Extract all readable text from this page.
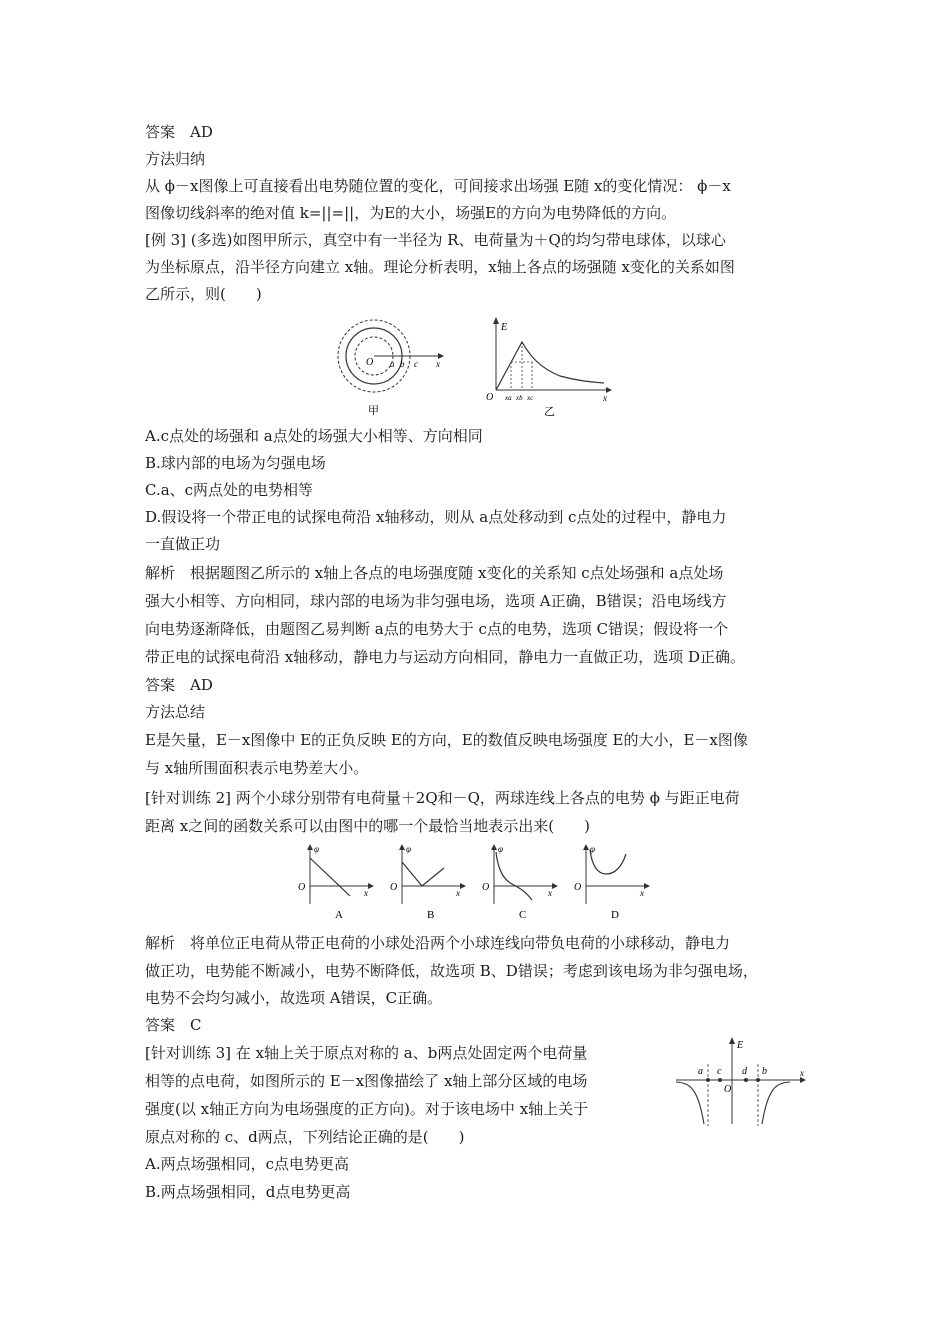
答案　AD
方法归纳
从 ϕ－x图像上可直接看出电势随位置的变化，可间接求出场强 E随 x的变化情况： ϕ－x
图像切线斜率的绝对值 k=||=||，为E的大小，场强E的方向为电势降低的方向。
[例 3] (多选)如图甲所示，真空中有一半径为 R、电荷量为＋Q的均匀带电球体，以球心
为坐标原点，沿半径方向建立 x轴。理论分析表明，x轴上各点的场强随 x变化的关系如图
乙所示，则(　　)
O a b c x
甲
E
O xa xb xc	x
乙
A.c点处的场强和 a点处的场强大小相等、方向相同
B.球内部的电场为匀强电场
C.a、c两点处的电势相等
D.假设将一个带正电的试探电荷沿 x轴移动，则从 a点处移动到 c点处的过程中，静电力
一直做正功
解析　根据题图乙所示的 x轴上各点的电场强度随 x变化的关系知 c点处场强和 a点处场
强大小相等、方向相同，球内部的电场为非匀强电场，选项 A正确，B错误；沿电场线方
向电势逐渐降低，由题图乙易判断 a点的电势大于 c点的电势，选项 C错误；假设将一个
带正电的试探电荷沿 x轴移动，静电力与运动方向相同，静电力一直做正功，选项 D正确。
答案　AD
方法总结
E是矢量，E－x图像中 E的正负反映 E的方向，E的数值反映电场强度 E的大小，E－x图像
与 x轴所围面积表示电势差大小。
[针对训练 2] 两个小球分别带有电荷量＋2Q和－Q，两球连线上各点的电势 ϕ 与距正电荷
距离 x之间的函数关系可以由图中的哪一个最恰当地表示出来(　　)
φ
O	x
A
φ
O	x
B
φ
O	x
C
φ
O	x
D
解析　将单位正电荷从带正电荷的小球处沿两个小球连线向带负电荷的小球移动，静电力
做正功，电势能不断减小，电势不断降低，故选项 B、D错误；考虑到该电场为非匀强电场，
电势不会均匀减小，故选项 A错误，C正确。
答案　C
[针对训练 3] 在 x轴上关于原点对称的 a、b两点处固定两个电荷量
相等的点电荷，如图所示的 E－x图像描绘了 x轴上部分区域的电场
强度(以 x轴正方向为电场强度的正方向)。对于该电场中 x轴上关于
原点对称的 c、d两点，下列结论正确的是(　　)
A.两点场强相同，c点电势更高
B.两点场强相同，d点电势更高
E
x
O
a c d b
